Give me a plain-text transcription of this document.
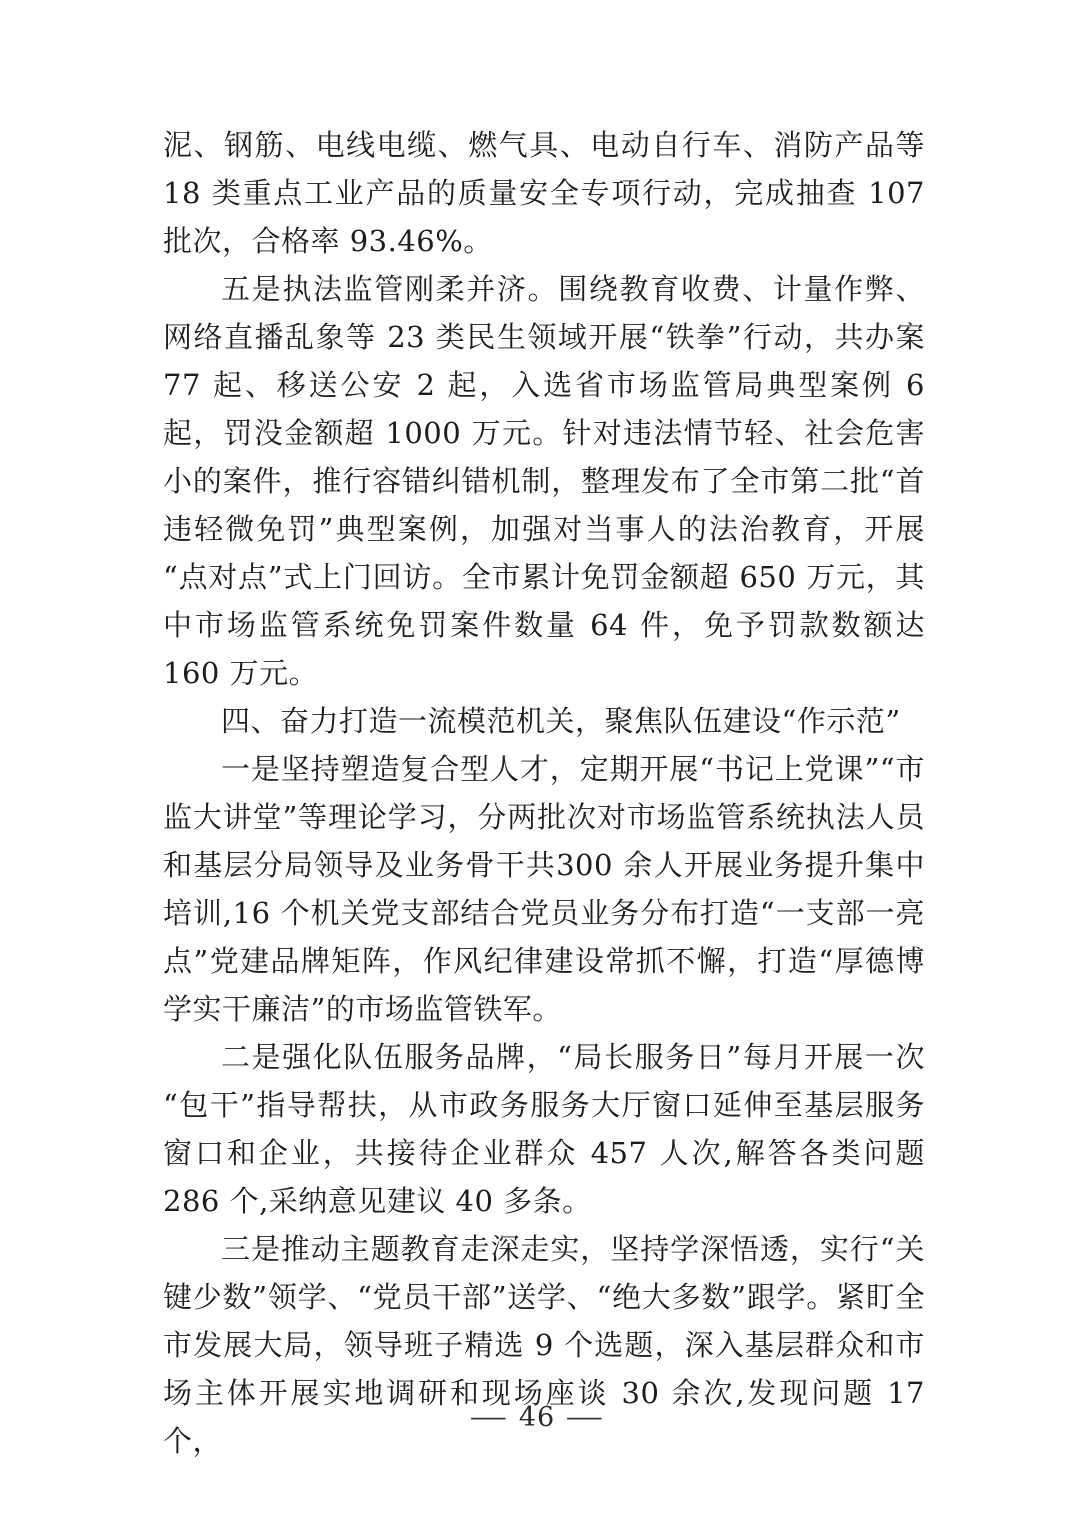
泥、钢筋、电线电缆、燃气具、电动自行车、消防产品等 18 类重点工业产品的质量安全专项行动，完成抽查 107 批次，合格率 93.46%。

五是执法监管刚柔并济。围绕教育收费、计量作弊、网络直播乱象等 23 类民生领域开展“铁拳”行动，共办案 77 起、移送公安 2 起，入选省市场监管局典型案例 6 起，罚没金额超 1000 万元。针对违法情节轻、社会危害小的案件，推行容错纠错机制，整理发布了全市第二批“首违轻微免罚”典型案例，加强对当事人的法治教育，开展“点对点”式上门回访。全市累计免罚金额超 650 万元，其中市场监管系统免罚案件数量 64 件，免予罚款数额达 160 万元。

四、奋力打造一流模范机关，聚焦队伍建设“作示范”

一是坚持塑造复合型人才，定期开展“书记上党课”“市监大讲堂”等理论学习，分两批次对市场监管系统执法人员和基层分局领导及业务骨干共300 余人开展业务提升集中培训,16 个机关党支部结合党员业务分布打造“一支部一亮点”党建品牌矩阵，作风纪律建设常抓不懈，打造“厚德博学实干廉洁”的市场监管铁军。

二是强化队伍服务品牌，“局长服务日”每月开展一次“包干”指导帮扶，从市政务服务大厅窗口延伸至基层服务窗口和企业，共接待企业群众 457 人次,解答各类问题 286 个,采纳意见建议 40 多条。

三是推动主题教育走深走实，坚持学深悟透，实行“关键少数”领学、“党员干部”送学、“绝大多数”跟学。紧盯全市发展大局，领导班子精选 9 个选题，深入基层群众和市场主体开展实地调研和现场座谈 30 余次,发现问题 17 个，

— 46 —
